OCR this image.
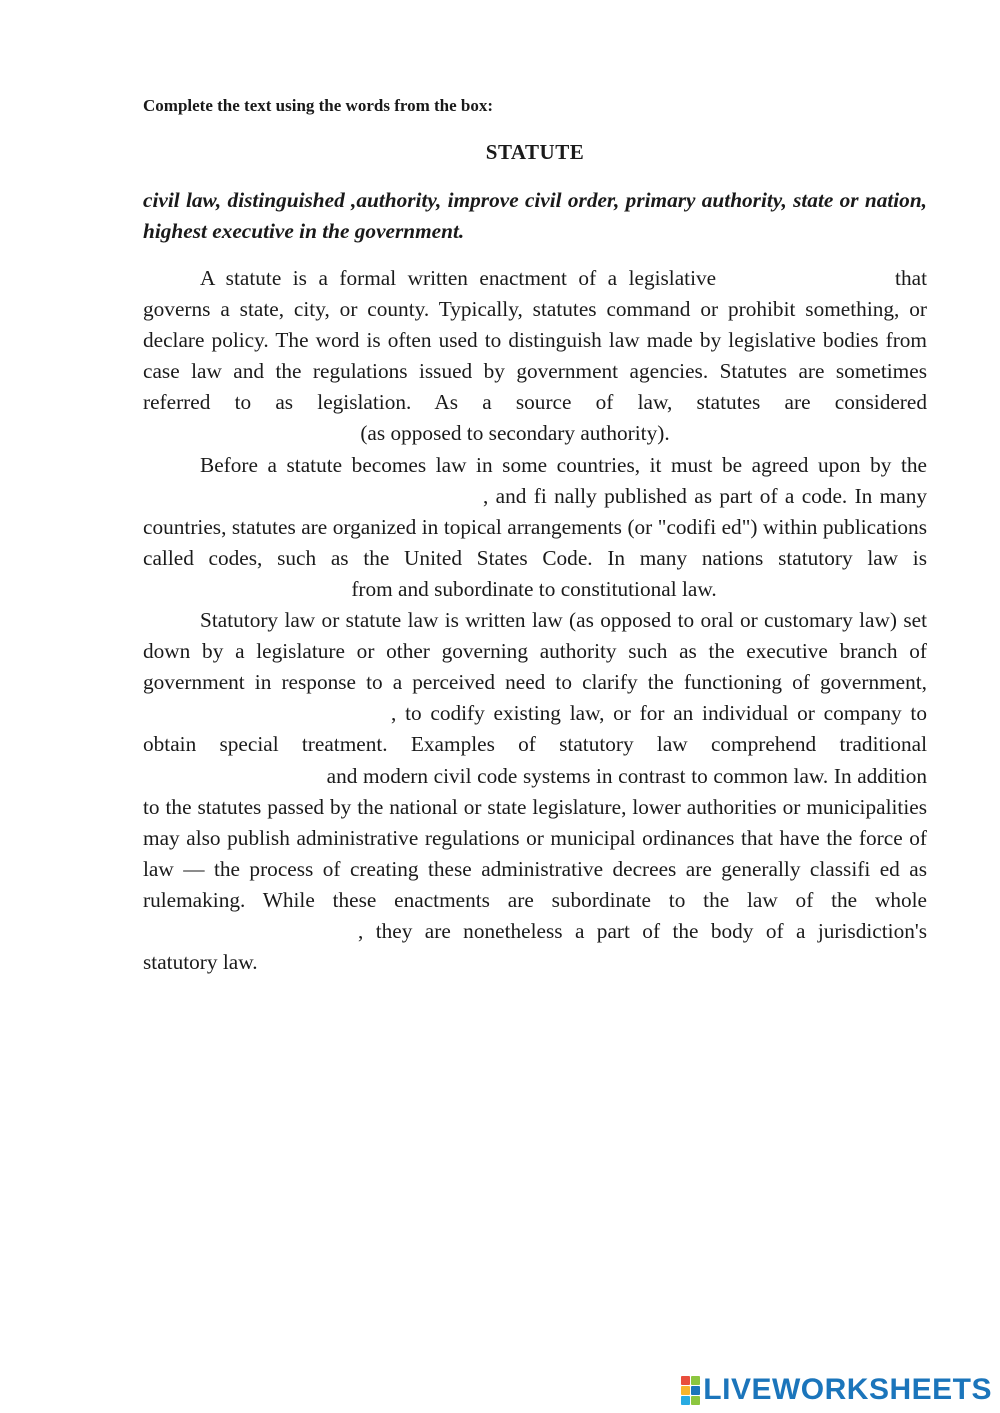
Complete the text using the words from the box:

STATUTE

civil law, distinguished ,authority, improve civil order, primary authority, state or nation, highest executive in the government.

A statute is a formal written enactment of a legislative	that governs a state, city, or county. Typically, statutes command or prohibit something, or declare policy. The word is often used to distinguish law made by legislative bodies from case law and the regulations issued by government agencies. Statutes are sometimes referred to as legislation. As a source of law, statutes are considered  (as opposed to secondary authority).

Before a statute becomes law in some countries, it must be agreed upon by the , and fi nally published as part of a code. In many countries, statutes are organized in topical arrangements (or "codifi ed") within publications called codes, such as the United States Code. In many nations statutory law is  from and subordinate to constitutional law.

Statutory law or statute law is written law (as opposed to oral or customary law) set down by a legislature or other governing authority such as the executive branch of government in response to a perceived need to clarify the functioning of government, , to codify existing law, or for an individual or company to obtain special treatment. Examples of statutory law comprehend traditional  and modern civil code systems in contrast to common law. In addition to the statutes passed by the national or state legislature, lower authorities or municipalities may also publish administrative regulations or municipal ordinances that have the force of law — the process of creating these administrative decrees are generally classifi ed as rulemaking. While these enactments are subordinate to the law of the whole , they are nonetheless a part of the body of a jurisdiction's statutory law.

LIVEWORKSHEETS
